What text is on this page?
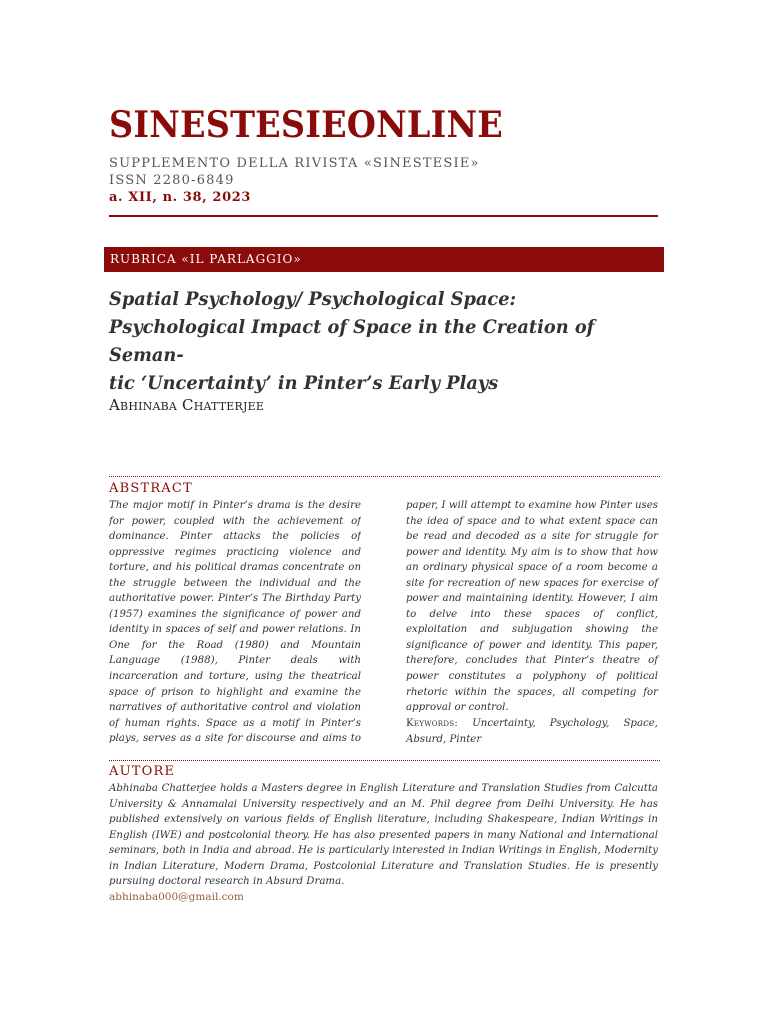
SINESTESIEONLINE
SUPPLEMENTO DELLA RIVISTA «SINESTESIE»
ISSN 2280-6849
a. XII, n. 38, 2023
RUBRICA «IL PARLAGGIO»
Spatial Psychology/ Psychological Space:
Psychological Impact of Space in the Creation of Seman-
tic ‘Uncertainty’ in Pinter’s Early Plays
Abhinaba Chatterjee
ABSTRACT
The major motif in Pinter’s drama is the desire for power, coupled with the achievement of dominance. Pinter attacks the policies of oppressive regimes practicing violence and torture, and his political dramas concentrate on the struggle between the individual and the authoritative power. Pinter’s The Birthday Party (1957) examines the significance of power and identity in spaces of self and power relations. In One for the Road (1980) and Mountain Language (1988), Pinter deals with incarceration and torture, using the theatrical space of prison to highlight and examine the narratives of authoritative control and violation of human rights. Space as a motif in Pinter’s plays, serves as a site for discourse and aims to
paper, I will attempt to examine how Pinter uses the idea of space and to what extent space can be read and decoded as a site for struggle for power and identity. My aim is to show that how an ordinary physical space of a room become a site for recreation of new spaces for exercise of power and maintaining identity. However, I aim to delve into these spaces of conflict, exploitation and subjugation showing the significance of power and identity. This paper, therefore, concludes that Pinter’s theatre of power constitutes a polyphony of political rhetoric within the spaces, all competing for approval or control.
Keywords: Uncertainty, Psychology, Space, Absurd, Pinter
AUTORE
Abhinaba Chatterjee holds a Masters degree in English Literature and Translation Studies from Calcutta University & Annamalai University respectively and an M. Phil degree from Delhi University. He has published extensively on various fields of English literature, including Shakespeare, Indian Writings in English (IWE) and postcolonial theory. He has also presented papers in many National and International seminars, both in India and abroad. He is particularly interested in Indian Writings in English, Modernity in Indian Literature, Modern Drama, Postcolonial Literature and Translation Studies. He is presently pursuing doctoral research in Absurd Drama.
abhinaba000@gmail.com
